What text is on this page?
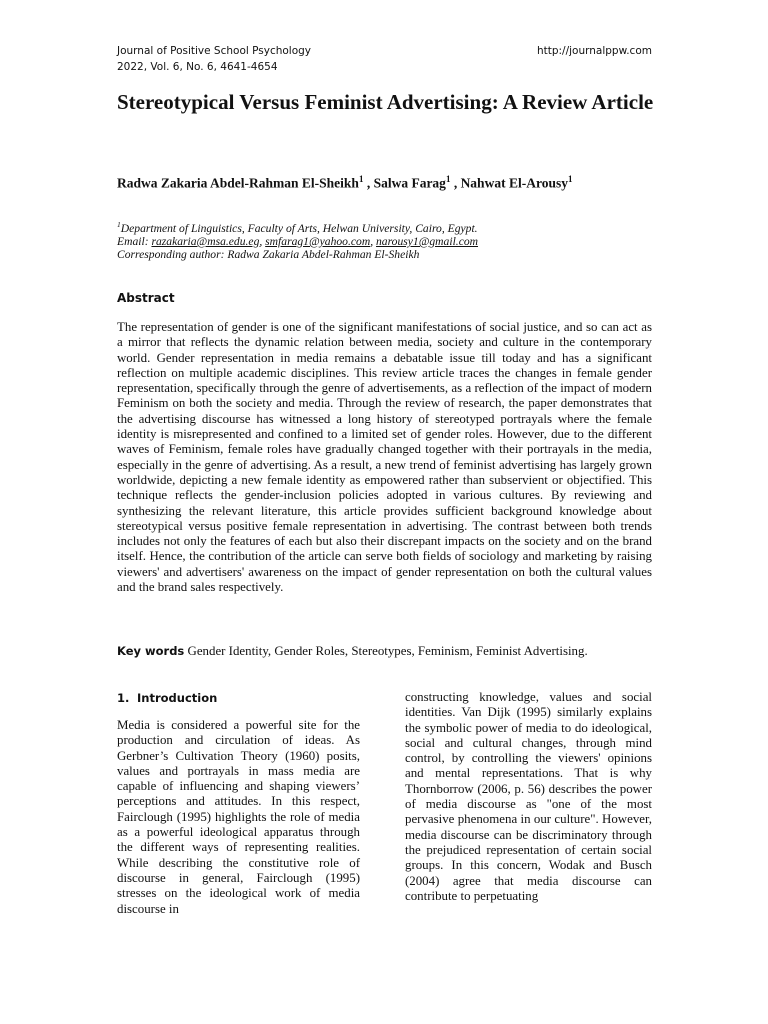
Journal of Positive School Psychology
2022, Vol. 6, No. 6, 4641-4654
http://journalppw.com
Stereotypical Versus Feminist Advertising: A Review Article
Radwa Zakaria Abdel-Rahman El-Sheikh$^1$ , Salwa Farag$^1$ , Nahwat El-Arousy$^1$
$^1$Department of Linguistics, Faculty of Arts, Helwan University, Cairo, Egypt.
Email: razakaria@msa.edu.eg, smfarag1@yahoo.com, narousy1@gmail.com
Corresponding author: Radwa Zakaria Abdel-Rahman El-Sheikh
Abstract

The representation of gender is one of the significant manifestations of social justice, and so can act as a mirror that reflects the dynamic relation between media, society and culture in the contemporary world. Gender representation in media remains a debatable issue till today and has a significant reflection on multiple academic disciplines. This review article traces the changes in female gender representation, specifically through the genre of advertisements, as a reflection of the impact of modern Feminism on both the society and media. Through the review of research, the paper demonstrates that the advertising discourse has witnessed a long history of stereotyped portrayals where the female identity is misrepresented and confined to a limited set of gender roles. However, due to the different waves of Feminism, female roles have gradually changed together with their portrayals in the media, especially in the genre of advertising. As a result, a new trend of feminist advertising has largely grown worldwide, depicting a new female identity as empowered rather than subservient or objectified. This technique reflects the gender-inclusion policies adopted in various cultures. By reviewing and synthesizing the relevant literature, this article provides sufficient background knowledge about stereotypical versus positive female representation in advertising. The contrast between both trends includes not only the features of each but also their discrepant impacts on the society and on the brand itself. Hence, the contribution of the article can serve both fields of sociology and marketing by raising viewers' and advertisers' awareness on the impact of gender representation on both the cultural values and the brand sales respectively.

Key words Gender Identity, Gender Roles, Stereotypes, Feminism, Feminist Advertising.
1. Introduction

Media is considered a powerful site for the production and circulation of ideas. As Gerbner’s Cultivation Theory (1960) posits, values and portrayals in mass media are capable of influencing and shaping viewers’ perceptions and attitudes. In this respect, Fairclough (1995) highlights the role of media as a powerful ideological apparatus through the different ways of representing realities. While describing the constitutive role of discourse in general, Fairclough (1995) stresses on the ideological work of media discourse in

constructing knowledge, values and social identities. Van Dijk (1995) similarly explains the symbolic power of media to do ideological, social and cultural changes, through mind control, by controlling the viewers' opinions and mental representations. That is why Thornborrow (2006, p. 56) describes the power of media discourse as "one of the most pervasive phenomena in our culture". However, media discourse can be discriminatory through the prejudiced representation of certain social groups. In this concern, Wodak and Busch (2004) agree that media discourse can contribute to perpetuating
